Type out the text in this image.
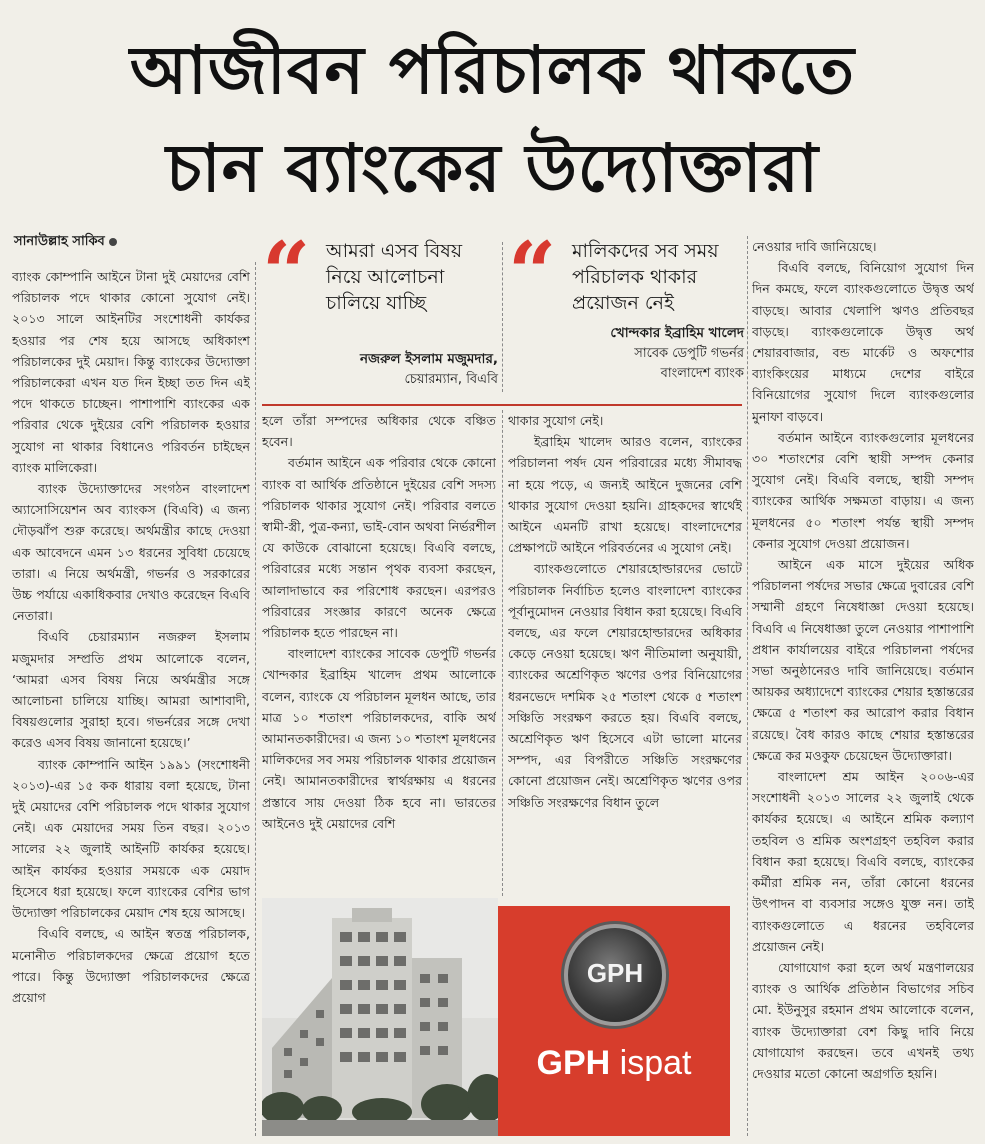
আজীবন পরিচালক থাকতে
চান ব্যাংকের উদ্যোক্তারা
সানাউল্লাহ সাকিব “ আমরা এসব বিষয় নিয়ে আলোচনা চালিয়ে যাচ্ছি
নজরুল ইসলাম মজুমদার,
চেয়ারম্যান, বিএবি
“ মালিকদের সব সময় পরিচালক থাকার প্রয়োজন নেই
খোন্দকার ইব্রাহিম খালেদ
সাবেক ডেপুটি গভর্নর
বাংলাদেশ ব্যাংক

ব্যাংক কোম্পানি আইনে টানা দুই মেয়াদের বেশি পরিচালক পদে থাকার কোনো সুযোগ নেই। ২০১৩ সালে আইনটির সংশোধনী কার্যকর হওয়ার পর শেষ হয়ে আসছে অধিকাংশ পরিচালকের দুই মেয়াদ। কিন্তু ব্যাংকের উদ্যোক্তা পরিচালকেরা এখন যত দিন ইচ্ছা তত দিন এই পদে থাকতে চাচ্ছেন। পাশাপাশি ব্যাংকের এক পরিবার থেকে দুইয়ের বেশি পরিচালক হওয়ার সুযোগ না থাকার বিধানেও পরিবর্তন চাইছেন ব্যাংক মালিকেরা।

ব্যাংক উদ্যোক্তাদের সংগঠন বাংলাদেশ অ্যাসোসিয়েশন অব ব্যাংকস (বিএবি) এ জন্য দৌড়ঝাঁপ শুরু করেছে। অর্থমন্ত্রীর কাছে দেওয়া এক আবেদনে এমন ১৩ ধরনের সুবিধা চেয়েছে তারা। এ নিয়ে অর্থমন্ত্রী, গভর্নর ও সরকারের উচ্চ পর্যায়ে একাধিকবার দেখাও করেছেন বিএবি নেতারা।

বিএবি চেয়ারম্যান নজরুল ইসলাম মজুমদার সম্প্রতি প্রথম আলোকে বলেন, ‘আমরা এসব বিষয় নিয়ে অর্থমন্ত্রীর সঙ্গে আলোচনা চালিয়ে যাচ্ছি। আমরা আশাবাদী, বিষয়গুলোর সুরাহা হবে। গভর্নরের সঙ্গে দেখা করেও এসব বিষয় জানানো হয়েছে।’

ব্যাংক কোম্পানি আইন ১৯৯১ (সংশোধনী ২০১৩)-এর ১৫ কক ধারায় বলা হয়েছে, টানা দুই মেয়াদের বেশি পরিচালক পদে থাকার সুযোগ নেই। এক মেয়াদের সময় তিন বছর। ২০১৩ সালের ২২ জুলাই আইনটি কার্যকর হয়েছে। আইন কার্যকর হওয়ার সময়কে এক মেয়াদ হিসেবে ধরা হয়েছে। ফলে ব্যাংকের বেশির ভাগ উদ্যোক্তা পরিচালকের মেয়াদ শেষ হয়ে আসছে।

বিএবি বলছে, এ আইন স্বতন্ত্র পরিচালক, মনোনীত পরিচালকদের ক্ষেত্রে প্রয়োগ হতে পারে। কিন্তু উদ্যোক্তা পরিচালকদের ক্ষেত্রে প্রয়োগ

হলে তাঁরা সম্পদের অধিকার থেকে বঞ্চিত হবেন।

বর্তমান আইনে এক পরিবার থেকে কোনো ব্যাংক বা আর্থিক প্রতিষ্ঠানে দুইয়ের বেশি সদস্য পরিচালক থাকার সুযোগ নেই। পরিবার বলতে স্বামী-স্ত্রী, পুত্র-কন্যা, ভাই-বোন অথবা নির্ভরশীল যে কাউকে বোঝানো হয়েছে। বিএবি বলছে, পরিবারের মধ্যে সন্তান পৃথক ব্যবসা করছেন, আলাদাভাবে কর পরিশোধ করছেন। এরপরও পরিবারের সংজ্ঞার কারণে অনেক ক্ষেত্রে পরিচালক হতে পারছেন না।

বাংলাদেশ ব্যাংকের সাবেক ডেপুটি গভর্নর খোন্দকার ইব্রাহিম খালেদ প্রথম আলোকে বলেন, ব্যাংকে যে পরিচালন মূলধন আছে, তার মাত্র ১০ শতাংশ পরিচালকদের, বাকি অর্থ আমানতকারীদের। এ জন্য ১০ শতাংশ মূলধনের মালিকদের সব সময় পরিচালক থাকার প্রয়োজন নেই। আমানতকারীদের স্বার্থরক্ষায় এ ধরনের প্রস্তাবে সায় দেওয়া ঠিক হবে না। ভারতের আইনেও দুই মেয়াদের বেশি

থাকার সুযোগ নেই।

ইব্রাহিম খালেদ আরও বলেন, ব্যাংকের পরিচালনা পর্ষদ যেন পরিবারের মধ্যে সীমাবদ্ধ না হয়ে পড়ে, এ জন্যই আইনে দুজনের বেশি থাকার সুযোগ দেওয়া হয়নি। গ্রাহকদের স্বার্থেই আইনে এমনটি রাখা হয়েছে। বাংলাদেশের প্রেক্ষাপটে আইনে পরিবর্তনের এ সুযোগ নেই।

ব্যাংকগুলোতে শেয়ারহোল্ডারদের ভোটে পরিচালক নির্বাচিত হলেও বাংলাদেশ ব্যাংকের পূর্বানুমোদন নেওয়ার বিধান করা হয়েছে। বিএবি বলছে, এর ফলে শেয়ারহোল্ডারদের অধিকার কেড়ে নেওয়া হয়েছে। ঋণ নীতিমালা অনুযায়ী, ব্যাংকের অশ্রেণিকৃত ঋণের ওপর বিনিয়োগের ধরনভেদে দশমিক ২৫ শতাংশ থেকে ৫ শতাংশ সঞ্চিতি সংরক্ষণ করতে হয়। বিএবি বলছে, অশ্রেণিকৃত ঋণ হিসেবে এটা ভালো মানের সম্পদ, এর বিপরীতে সঞ্চিতি সংরক্ষণের কোনো প্রয়োজন নেই। অশ্রেণিকৃত ঋণের ওপর সঞ্চিতি সংরক্ষণের বিধান তুলে

নেওয়ার দাবি জানিয়েছে।

বিএবি বলছে, বিনিয়োগ সুযোগ দিন দিন কমছে, ফলে ব্যাংকগুলোতে উদ্বৃত্ত অর্থ বাড়ছে। আবার খেলাপি ঋণও প্রতিবছর বাড়ছে। ব্যাংকগুলোকে উদ্বৃত্ত অর্থ শেয়ারবাজার, বন্ড মার্কেট ও অফশোর ব্যাংকিংয়ের মাধ্যমে দেশের বাইরে বিনিয়োগের সুযোগ দিলে ব্যাংকগুলোর মুনাফা বাড়বে।

বর্তমান আইনে ব্যাংকগুলোর মূলধনের ৩০ শতাংশের বেশি স্থায়ী সম্পদ কেনার সুযোগ নেই। বিএবি বলছে, স্থায়ী সম্পদ ব্যাংকের আর্থিক সক্ষমতা বাড়ায়। এ জন্য মূলধনের ৫০ শতাংশ পর্যন্ত স্থায়ী সম্পদ কেনার সুযোগ দেওয়া প্রয়োজন।

আইনে এক মাসে দুইয়ের অধিক পরিচালনা পর্ষদের সভার ক্ষেত্রে দুবারের বেশি সম্মানী গ্রহণে নিষেধাজ্ঞা দেওয়া হয়েছে। বিএবি এ নিষেধাজ্ঞা তুলে নেওয়ার পাশাপাশি প্রধান কার্যালয়ের বাইরে পরিচালনা পর্ষদের সভা অনুষ্ঠানেরও দাবি জানিয়েছে। বর্তমান আয়কর অধ্যাদেশে ব্যাংকের শেয়ার হস্তান্তরের ক্ষেত্রে ৫ শতাংশ কর আরোপ করার বিধান রয়েছে। বৈধ কারও কাছে শেয়ার হস্তান্তরের ক্ষেত্রে কর মওকুফ চেয়েছেন উদ্যোক্তারা।

বাংলাদেশ শ্রম আইন ২০০৬-এর সংশোধনী ২০১৩ সালের ২২ জুলাই থেকে কার্যকর হয়েছে। এ আইনে শ্রমিক কল্যাণ তহবিল ও শ্রমিক অংশগ্রহণ তহবিল করার বিধান করা হয়েছে। বিএবি বলছে, ব্যাংকের কর্মীরা শ্রমিক নন, তাঁরা কোনো ধরনের উৎপাদন বা ব্যবসার সঙ্গেও যুক্ত নন। তাই ব্যাংকগুলোতে এ ধরনের তহবিলের প্রয়োজন নেই।

যোগাযোগ করা হলে অর্থ মন্ত্রণালয়ের ব্যাংক ও আর্থিক প্রতিষ্ঠান বিভাগের সচিব মো. ইউনুসুর রহমান প্রথম আলোকে বলেন, ব্যাংক উদ্যোক্তারা বেশ কিছু দাবি নিয়ে যোগাযোগ করছেন। তবে এখনই তথ্য দেওয়ার মতো কোনো অগ্রগতি হয়নি।

GPH
GPH ispat
